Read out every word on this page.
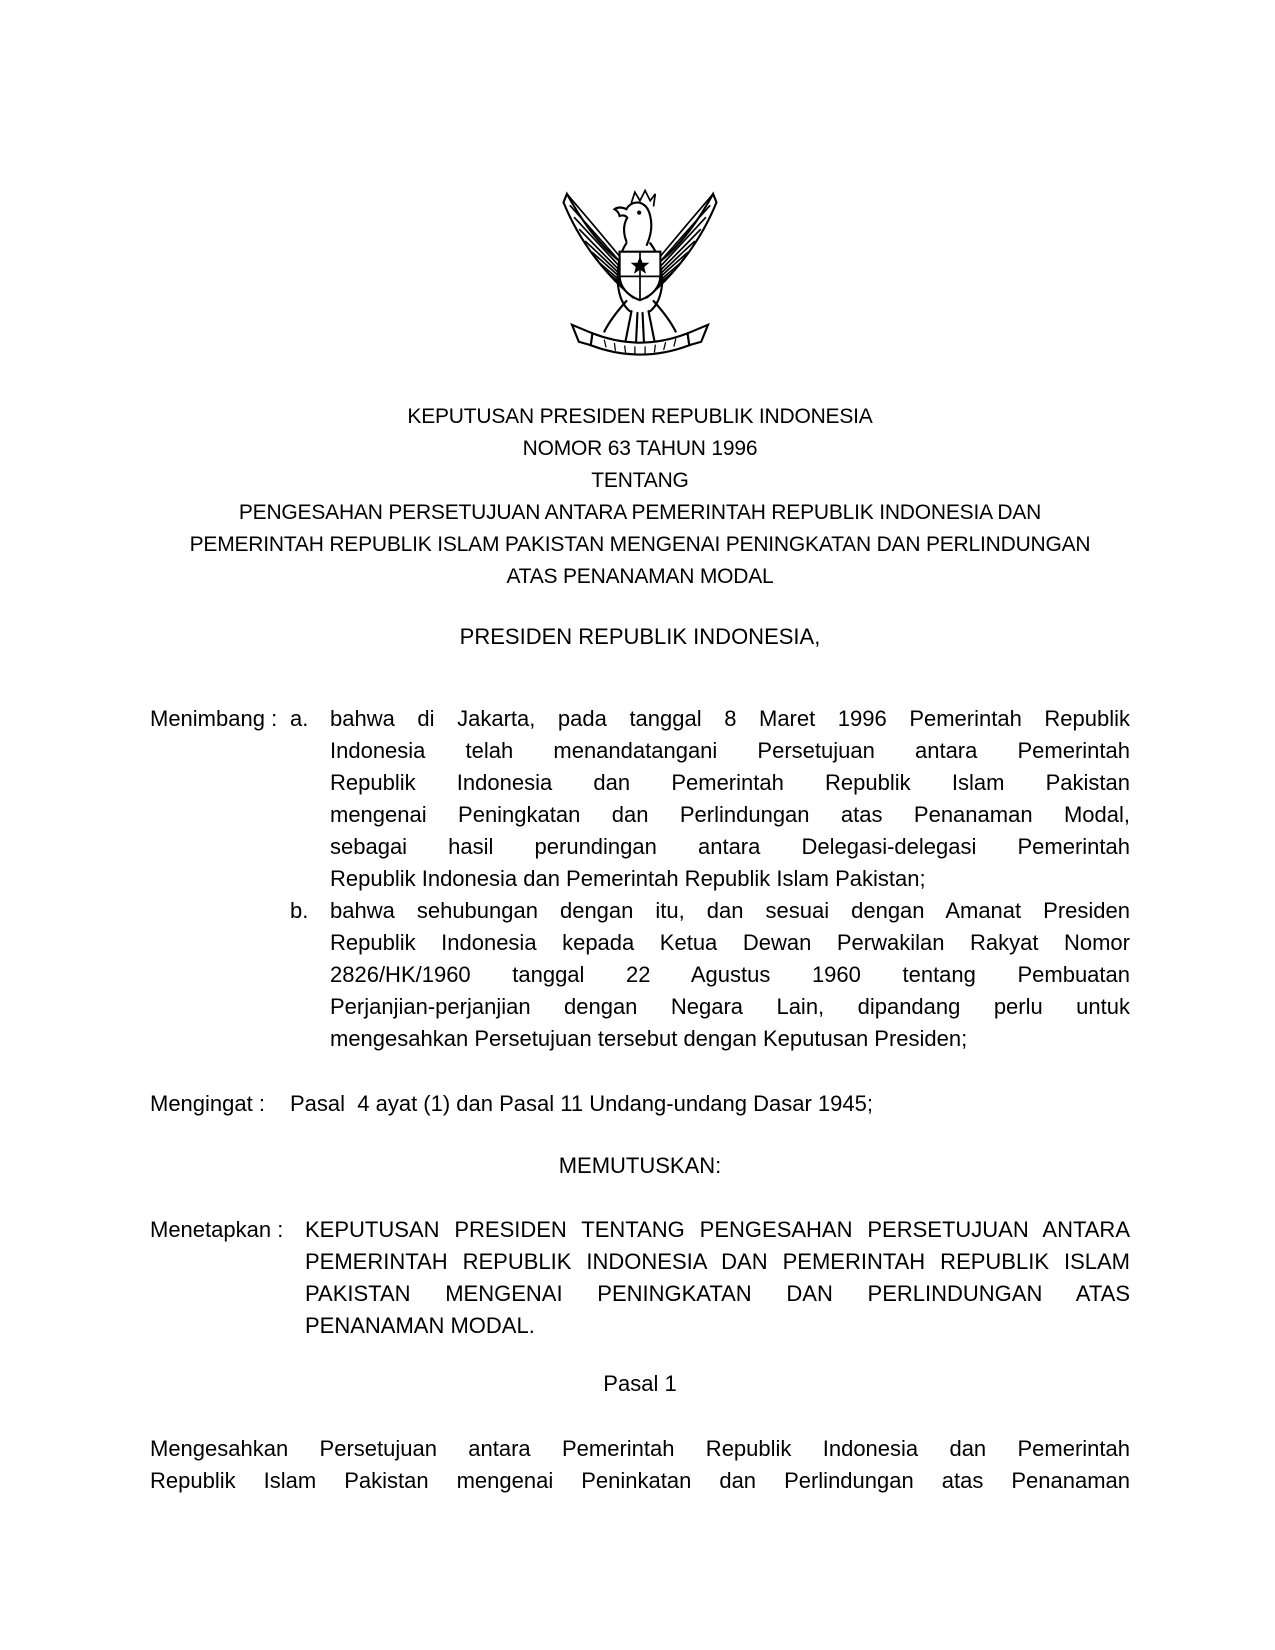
KEPUTUSAN PRESIDEN REPUBLIK INDONESIA
NOMOR 63 TAHUN 1996
TENTANG
PENGESAHAN PERSETUJUAN ANTARA PEMERINTAH REPUBLIK INDONESIA DAN
PEMERINTAH REPUBLIK ISLAM PAKISTAN MENGENAI PENINGKATAN DAN PERLINDUNGAN
ATAS PENANAMAN MODAL
PRESIDEN REPUBLIK INDONESIA,
Menimbang : a. bahwa di Jakarta, pada tanggal 8 Maret 1996 Pemerintah Republik
Indonesia telah menandatangani Persetujuan antara Pemerintah
Republik Indonesia dan Pemerintah Republik Islam Pakistan
mengenai Peningkatan dan Perlindungan atas Penanaman Modal,
sebagai hasil perundingan antara Delegasi-delegasi Pemerintah
Republik Indonesia dan Pemerintah Republik Islam Pakistan;
b. bahwa sehubungan dengan itu, dan sesuai dengan Amanat Presiden
Republik Indonesia kepada Ketua Dewan Perwakilan Rakyat Nomor
2826/HK/1960 tanggal 22 Agustus 1960 tentang Pembuatan
Perjanjian-perjanjian dengan Negara Lain, dipandang perlu untuk
mengesahkan Persetujuan tersebut dengan Keputusan Presiden;
Mengingat :	Pasal  4 ayat (1) dan Pasal 11 Undang-undang Dasar 1945;
MEMUTUSKAN:
Menetapkan : KEPUTUSAN PRESIDEN TENTANG PENGESAHAN PERSETUJUAN ANTARA
PEMERINTAH REPUBLIK INDONESIA DAN PEMERINTAH REPUBLIK ISLAM
PAKISTAN MENGENAI PENINGKATAN DAN PERLINDUNGAN ATAS
PENANAMAN MODAL.
Pasal 1
Mengesahkan Persetujuan antara Pemerintah Republik Indonesia dan Pemerintah
Republik Islam Pakistan mengenai Peninkatan dan Perlindungan atas Penanaman
